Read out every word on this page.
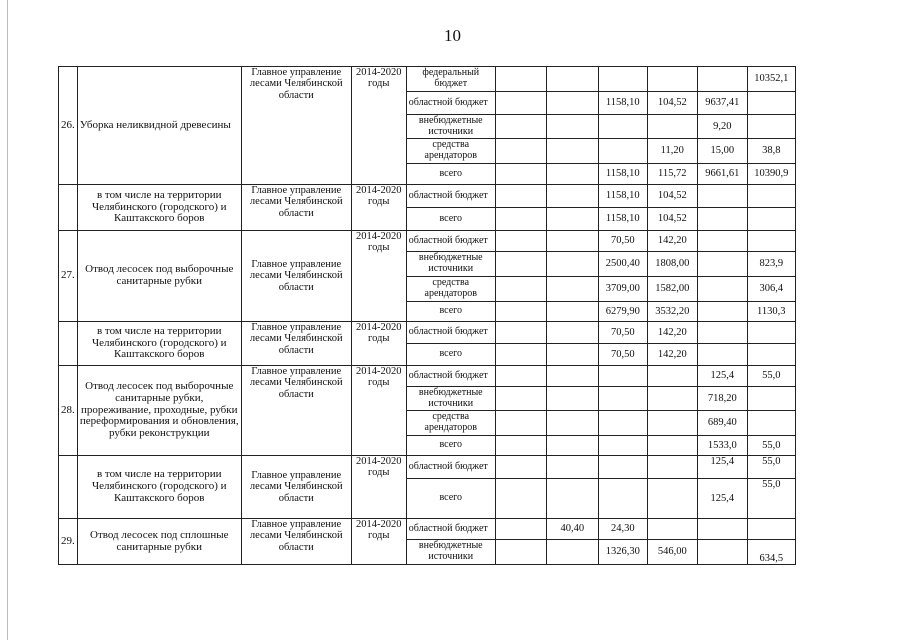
10
26.	Уборка неликвидной древесины	Главное управление лесами Челябинской области	2014-2020 годы	федеральный бюджет						10352,1
				областной бюджет			1158,10	104,52	9637,41	
				внебюджетные источники					9,20	
				средства арендаторов				11,20	15,00	38,8
				всего			1158,10	115,72	9661,61	10390,9
	в том числе на территории Челябинского (городского) и Каштакского боров	Главное управление лесами Челябинской области	2014-2020 годы	областной бюджет			1158,10	104,52		
				всего			1158,10	104,52		
27.	Отвод лесосек под выборочные санитарные рубки	Главное управление лесами Челябинской области	2014-2020 годы	областной бюджет			70,50	142,20		
				внебюджетные источники			2500,40	1808,00		823,9
				средства арендаторов			3709,00	1582,00		306,4
				всего			6279,90	3532,20		1130,3
	в том числе на территории Челябинского (городского) и Каштакского боров	Главное управление лесами Челябинской области	2014-2020 годы	областной бюджет			70,50	142,20		
				всего			70,50	142,20		
28.	Отвод лесосек под выборочные санитарные рубки, прореживание, проходные, рубки переформирования и обновления, рубки реконструкции	Главное управление лесами Челябинской области	2014-2020 годы	областной бюджет					125,4	55,0
				внебюджетные источники					718,20	
				средства арендаторов					689,40	
				всего					1533,0	55,0
	в том числе на территории Челябинского (городского) и Каштакского боров	Главное управление лесами Челябинской области	2014-2020 годы	областной бюджет					125,4	55,0
				всего					125,4	55,0
29.	Отвод лесосек под сплошные санитарные рубки	Главное управление лесами Челябинской области	2014-2020 годы	областной бюджет		40,40	24,30			
				внебюджетные источники			1326,30	546,00		634,5
